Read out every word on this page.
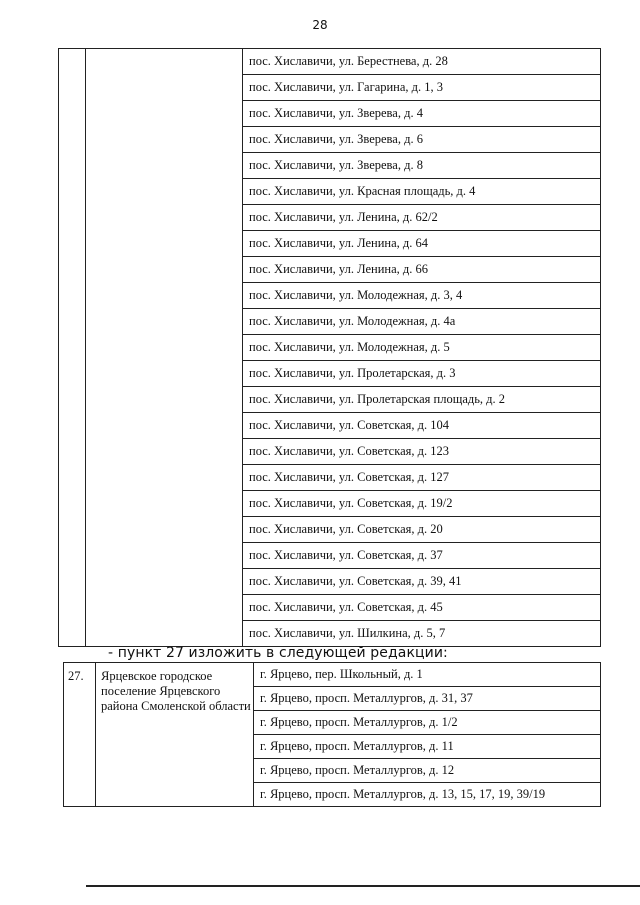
28
		пос. Хиславичи, ул. Берестнева, д. 28
пос. Хиславичи, ул. Гагарина, д. 1, 3
пос. Хиславичи, ул. Зверева, д. 4
пос. Хиславичи, ул. Зверева, д. 6
пос. Хиславичи, ул. Зверева, д. 8
пос. Хиславичи, ул. Красная площадь, д. 4
пос. Хиславичи, ул. Ленина, д. 62/2
пос. Хиславичи, ул. Ленина, д. 64
пос. Хиславичи, ул. Ленина, д. 66
пос. Хиславичи, ул. Молодежная, д. 3, 4
пос. Хиславичи, ул. Молодежная, д. 4а
пос. Хиславичи, ул. Молодежная, д. 5
пос. Хиславичи, ул. Пролетарская, д. 3
пос. Хиславичи, ул. Пролетарская площадь, д. 2
пос. Хиславичи, ул. Советская, д. 104
пос. Хиславичи, ул. Советская, д. 123
пос. Хиславичи, ул. Советская, д. 127
пос. Хиславичи, ул. Советская, д. 19/2
пос. Хиславичи, ул. Советская, д. 20
пос. Хиславичи, ул. Советская, д. 37
пос. Хиславичи, ул. Советская, д. 39, 41
пос. Хиславичи, ул. Советская, д. 45
пос. Хиславичи, ул. Шилкина, д. 5, 7
- пункт 27 изложить в следующей редакции:
27.	Ярцевское городское поселение Ярцевского района Смоленской области	г. Ярцево, пер. Школьный, д. 1
г. Ярцево, просп. Металлургов, д. 31, 37
г. Ярцево, просп. Металлургов, д. 1/2
г. Ярцево, просп. Металлургов, д. 11
г. Ярцево, просп. Металлургов, д. 12
г. Ярцево, просп. Металлургов, д. 13, 15, 17, 19, 39/19
